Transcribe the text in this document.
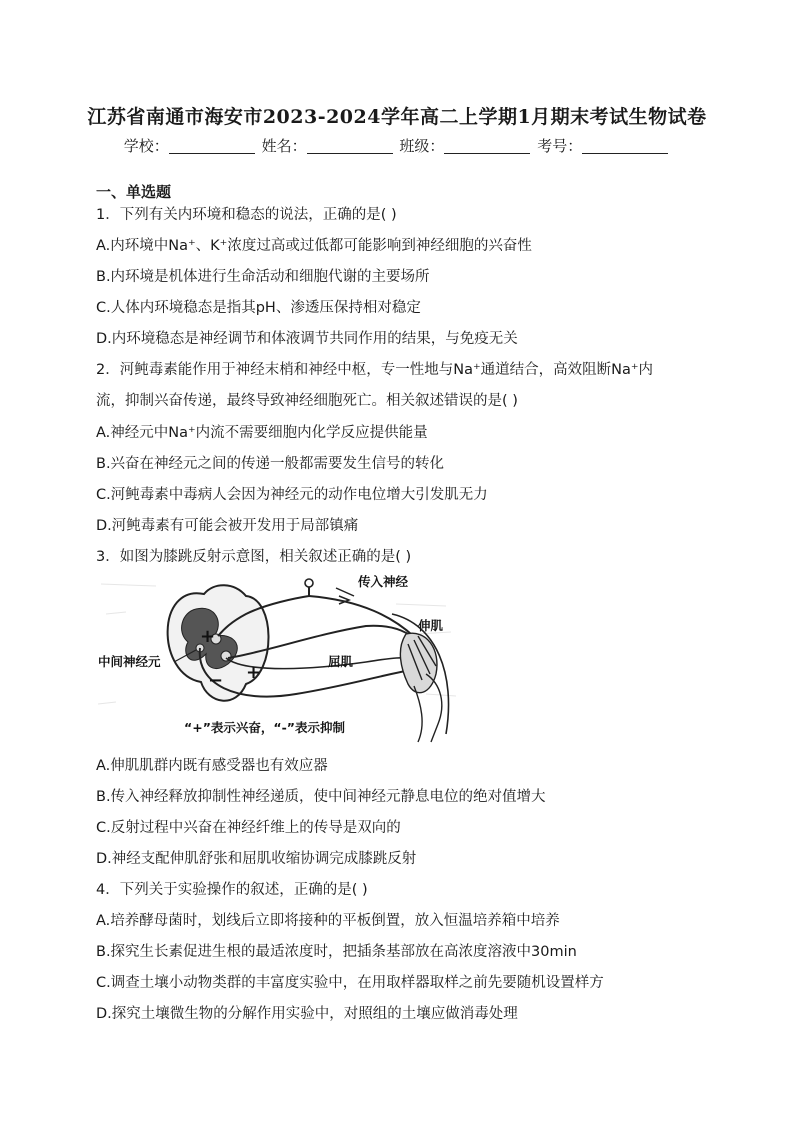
江苏省南通市海安市2023-2024学年高二上学期1月期末考试生物试卷
学校：	姓名：	班级：	考号：
一、单选题
1．下列有关内环境和稳态的说法，正确的是( )
A.内环境中Na⁺、K⁺浓度过高或过低都可能影响到神经细胞的兴奋性
B.内环境是机体进行生命活动和细胞代谢的主要场所
C.人体内环境稳态是指其pH、渗透压保持相对稳定
D.内环境稳态是神经调节和体液调节共同作用的结果，与免疫无关
2．河鲀毒素能作用于神经末梢和神经中枢，专一性地与Na⁺通道结合，高效阻断Na⁺内
流，抑制兴奋传递，最终导致神经细胞死亡。相关叙述错误的是( )
A.神经元中Na⁺内流不需要细胞内化学反应提供能量
B.兴奋在神经元之间的传递一般都需要发生信号的转化
C.河鲀毒素中毒病人会因为神经元的动作电位增大引发肌无力
D.河鲀毒素有可能会被开发用于局部镇痛
3．如图为膝跳反射示意图，相关叙述正确的是( )
传入神经
伸肌
屈肌
中间神经元
+
+
−
“+”表示兴奋，“-”表示抑制
A.伸肌肌群内既有感受器也有效应器
B.传入神经释放抑制性神经递质，使中间神经元静息电位的绝对值增大
C.反射过程中兴奋在神经纤维上的传导是双向的
D.神经支配伸肌舒张和屈肌收缩协调完成膝跳反射
4．下列关于实验操作的叙述，正确的是( )
A.培养酵母菌时，划线后立即将接种的平板倒置，放入恒温培养箱中培养
B.探究生长素促进生根的最适浓度时，把插条基部放在高浓度溶液中30min
C.调查土壤小动物类群的丰富度实验中，在用取样器取样之前先要随机设置样方
D.探究土壤微生物的分解作用实验中，对照组的土壤应做消毒处理
